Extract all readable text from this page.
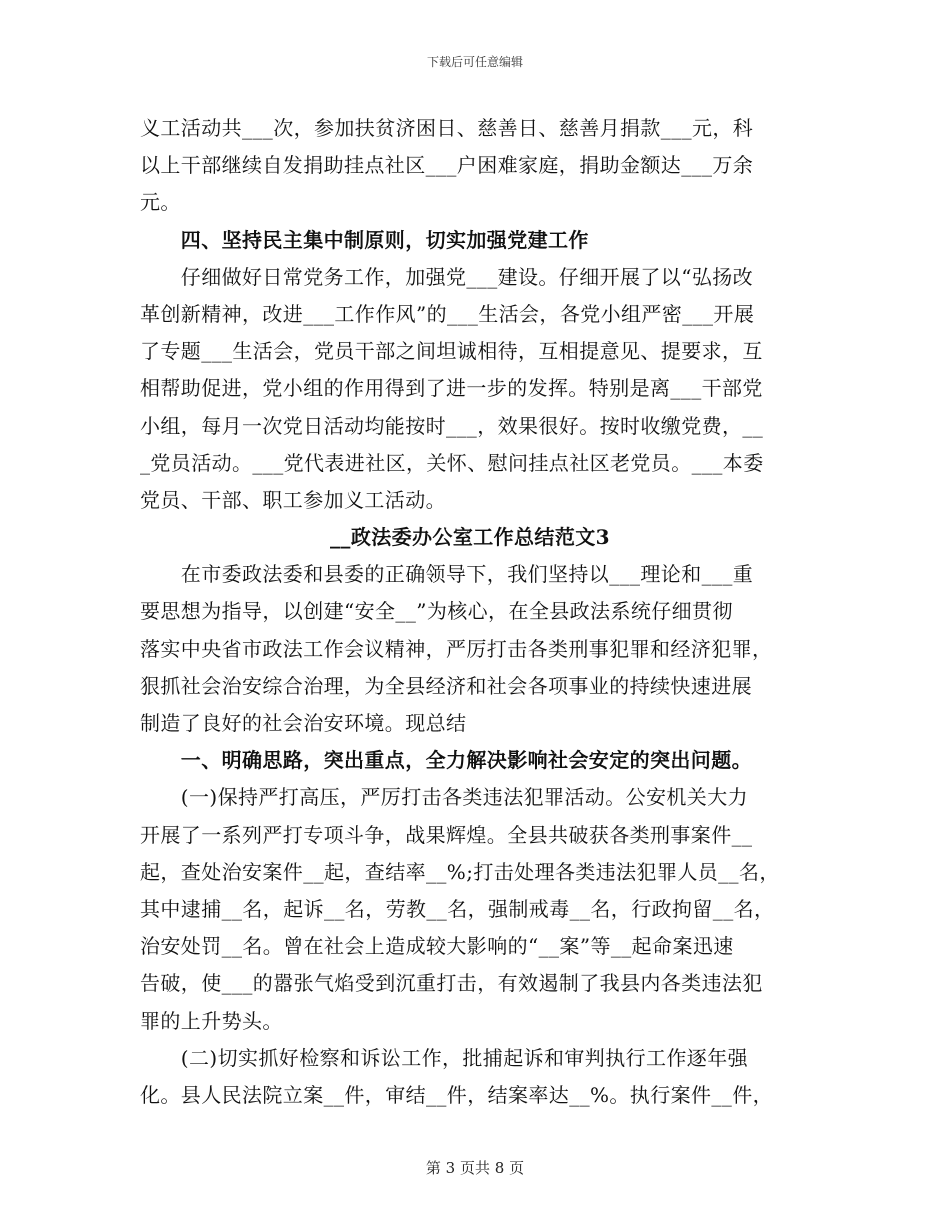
下载后可任意编辑
义工活动共___次，参加扶贫济困日、慈善日、慈善月捐款___元，科
以上干部继续自发捐助挂点社区___户困难家庭，捐助金额达___万余
元。
　　四、坚持民主集中制原则，切实加强党建工作
　　仔细做好日常党务工作，加强党___建设。仔细开展了以“弘扬改
革创新精神，改进___工作作风”的___生活会，各党小组严密___开展
了专题___生活会，党员干部之间坦诚相待，互相提意见、提要求，互
相帮助促进，党小组的作用得到了进一步的发挥。特别是离___干部党
小组，每月一次党日活动均能按时___，效果很好。按时收缴党费，__
_党员活动。___党代表进社区，关怀、慰问挂点社区老党员。___本委
党员、干部、职工参加义工活动。
__政法委办公室工作总结范文3
　　在市委政法委和县委的正确领导下，我们坚持以___理论和___重
要思想为指导，以创建“安全__”为核心，在全县政法系统仔细贯彻
落实中央省市政法工作会议精神，严厉打击各类刑事犯罪和经济犯罪，
狠抓社会治安综合治理，为全县经济和社会各项事业的持续快速进展
制造了良好的社会治安环境。现总结
　　一、明确思路，突出重点，全力解决影响社会安定的突出问题。
　　(一)保持严打高压，严厉打击各类违法犯罪活动。公安机关大力
开展了一系列严打专项斗争，战果辉煌。全县共破获各类刑事案件__
起，查处治安案件__起，查结率__%;打击处理各类违法犯罪人员__名，
其中逮捕__名，起诉__名，劳教__名，强制戒毒__名，行政拘留__名，
治安处罚__名。曾在社会上造成较大影响的“__案”等__起命案迅速
告破，使___的嚣张气焰受到沉重打击，有效遏制了我县内各类违法犯
罪的上升势头。
　　(二)切实抓好检察和诉讼工作，批捕起诉和审判执行工作逐年强
化。县人民法院立案__件，审结__件，结案率达__%。执行案件__件，
第 3 页共 8 页
